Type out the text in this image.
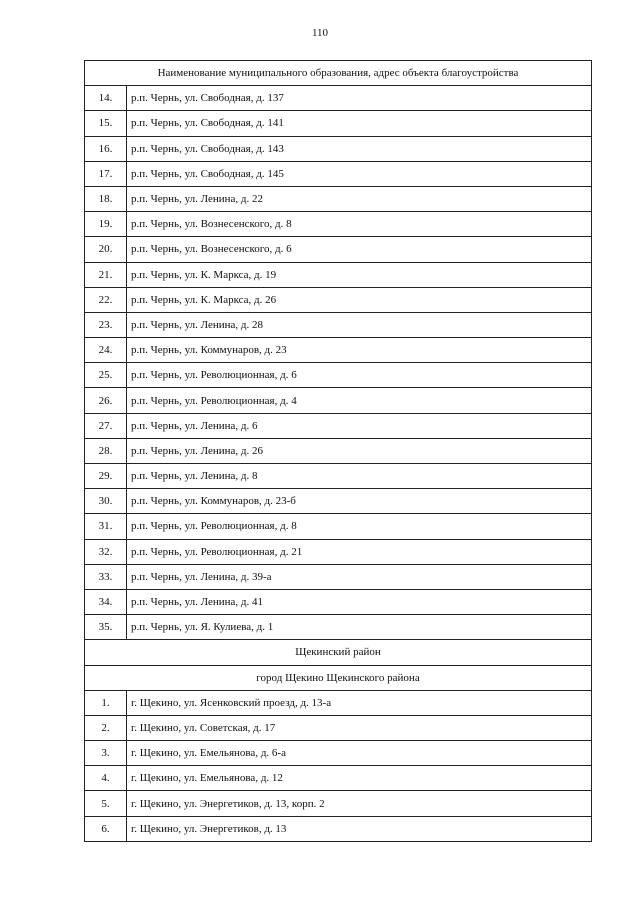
110
Наименование муниципального образования, адрес объекта благоустройства	
14.	р.п. Чернь, ул. Свободная, д. 137
15.	р.п. Чернь, ул. Свободная, д. 141
16.	р.п. Чернь, ул. Свободная, д. 143
17.	р.п. Чернь, ул. Свободная, д. 145
18.	р.п. Чернь, ул. Ленина, д. 22
19.	р.п. Чернь, ул. Вознесенского, д. 8
20.	р.п. Чернь, ул. Вознесенского, д. 6
21.	р.п. Чернь, ул. К. Маркса, д. 19
22.	р.п. Чернь, ул. К. Маркса, д. 26
23.	р.п. Чернь, ул. Ленина, д. 28
24.	р.п. Чернь, ул. Коммунаров, д. 23
25.	р.п. Чернь, ул. Революционная, д. 6
26.	р.п. Чернь, ул. Революционная, д. 4
27.	р.п. Чернь, ул. Ленина, д. 6
28.	р.п. Чернь, ул. Ленина, д. 26
29.	р.п. Чернь, ул. Ленина, д. 8
30.	р.п. Чернь, ул. Коммунаров, д. 23-б
31.	р.п. Чернь, ул. Революционная, д. 8
32.	р.п. Чернь, ул. Революционная, д. 21
33.	р.п. Чернь, ул. Ленина, д. 39-а
34.	р.п. Чернь, ул. Ленина, д. 41
35.	р.п. Чернь, ул. Я. Кулиева, д. 1
Щекинский район	
город Щекино Щекинского района	
1.	г. Щекино, ул. Ясенковский проезд, д. 13-а
2.	г. Щекино, ул. Советская, д. 17
3.	г. Щекино, ул. Емельянова, д. 6-а
4.	г. Щекино, ул. Емельянова, д. 12
5.	г. Щекино, ул. Энергетиков, д. 13, корп. 2
6.	г. Щекино, ул. Энергетиков, д. 13
